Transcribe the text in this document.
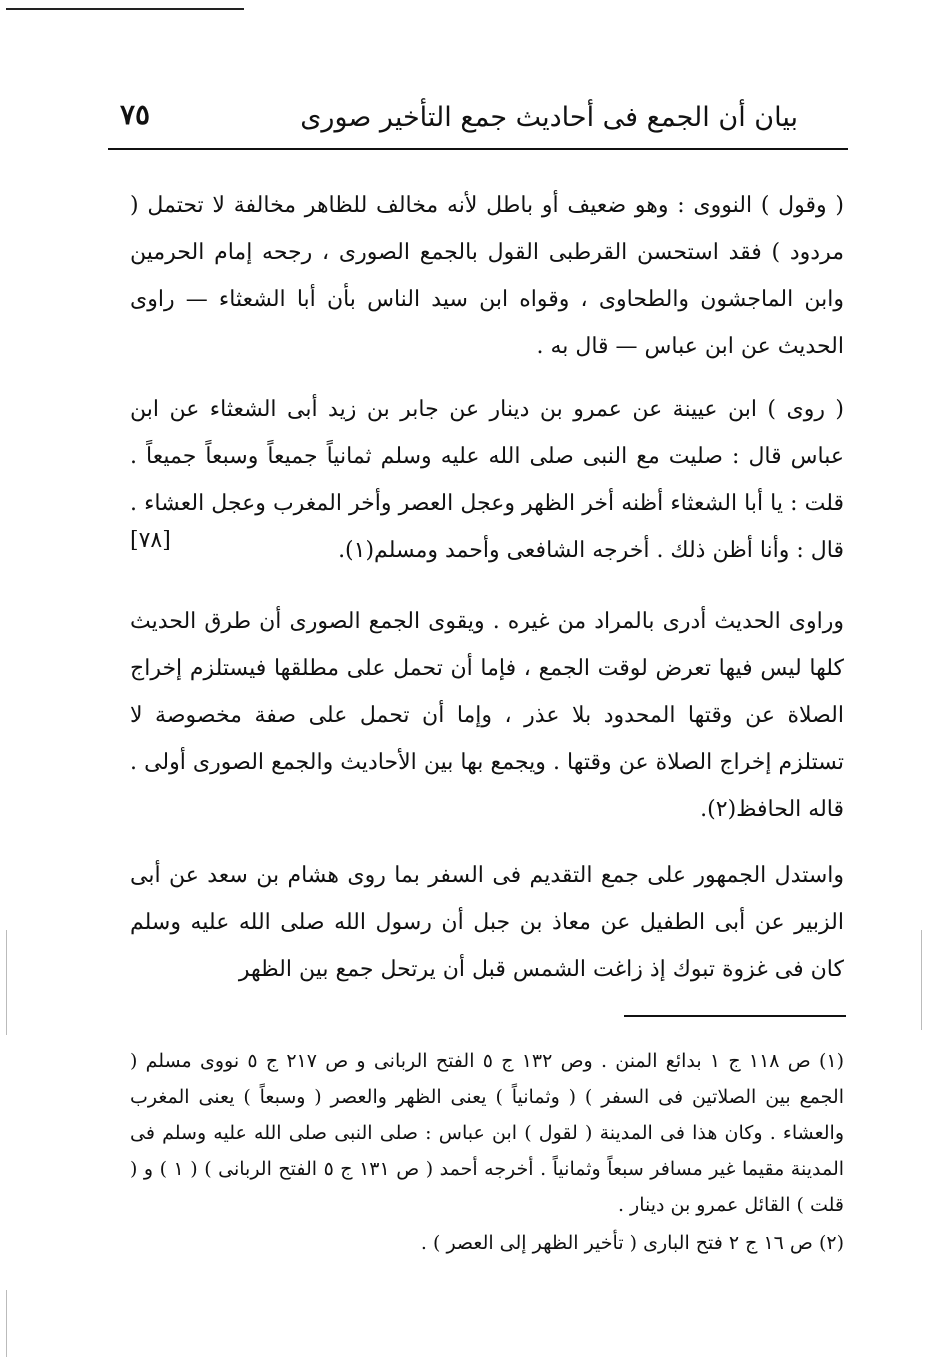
بيان أن الجمع فى أحاديث جمع التأخير صورى
٧٥

( وقول ) النووى : وهو ضعيف أو باطل لأنه مخالف للظاهر مخالفة لا تحتمل ( مردود ) فقد استحسن القرطبى القول بالجمع الصورى ، رجحه إمام الحرمين وابن الماجشون والطحاوى ، وقواه ابن سيد الناس بأن أبا الشعثاء — راوى الحديث عن ابن عباس — قال به .

( روى ) ابن عيينة عن عمرو بن دينار عن جابر بن زيد أبى الشعثاء عن ابن عباس قال : صليت مع النبى صلى الله عليه وسلم ثمانياً جميعاً وسبعاً جميعاً . قلت : يا أبا الشعثاء أظنه أخر الظهر وعجل العصر وأخر المغرب وعجل العشاء . قال : وأنا أظن ذلك . أخرجه الشافعى وأحمد ومسلم(١).

[٧٨]

وراوى الحديث أدرى بالمراد من غيره . ويقوى الجمع الصورى أن طرق الحديث كلها ليس فيها تعرض لوقت الجمع ، فإما أن تحمل على مطلقها فيستلزم إخراج الصلاة عن وقتها المحدود بلا عذر ، وإما أن تحمل على صفة مخصوصة لا تستلزم إخراج الصلاة عن وقتها . ويجمع بها بين الأحاديث والجمع الصورى أولى . قاله الحافظ(٢).

واستدل الجمهور على جمع التقديم فى السفر بما روى هشام بن سعد عن أبى الزبير عن أبى الطفيل عن معاذ بن جبل أن رسول الله صلى الله عليه وسلم كان فى غزوة تبوك إذ زاغت الشمس قبل أن يرتحل جمع بين الظهر

(١) ص ١١٨ ج ١ بدائع المنن . وص ١٣٢ ج ٥ الفتح الربانى و ص ٢١٧ ج ٥ نووى مسلم ( الجمع بين الصلاتين فى السفر ) ( وثمانياً ) يعنى الظهر والعصر ( وسبعاً ) يعنى المغرب والعشاء . وكان هذا فى المدينة ( لقول ) ابن عباس : صلى النبى صلى الله عليه وسلم فى المدينة مقيما غير مسافر سبعاً وثمانياً . أخرجه أحمد ( ص ١٣١ ج ٥ الفتح الربانى ) ( ١ ) و ( قلت ) القائل عمرو بن دينار .

(٢) ص ١٦ ج ٢ فتح البارى ( تأخير الظهر إلى العصر ) .
